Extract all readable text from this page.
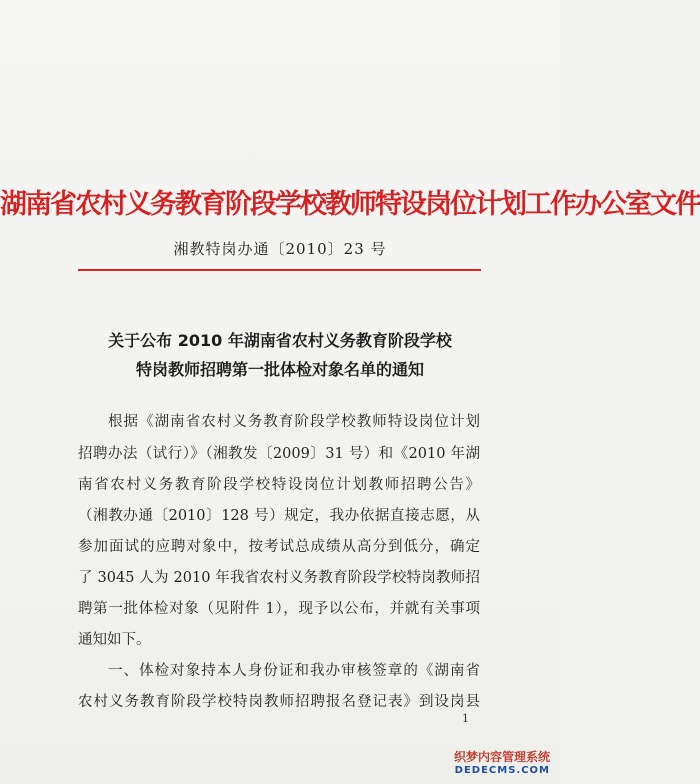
湖南省农村义务教育阶段学校教师特设岗位计划工作办公室文件
湘教特岗办通〔2010〕23 号
关于公布 2010 年湖南省农村义务教育阶段学校
特岗教师招聘第一批体检对象名单的通知
根据《湖南省农村义务教育阶段学校教师特设岗位计划
招聘办法（试行）》（湘教发〔2009〕31 号）和《2010 年湖
南省农村义务教育阶段学校特设岗位计划教师招聘公告》
（湘教办通〔2010〕128 号）规定，我办依据直接志愿，从
参加面试的应聘对象中，按考试总成绩从高分到低分，确定
了 3045 人为 2010 年我省农村义务教育阶段学校特岗教师招
聘第一批体检对象（见附件 1），现予以公布，并就有关事项
通知如下。
一、体检对象持本人身份证和我办审核签章的《湖南省
农村义务教育阶段学校特岗教师招聘报名登记表》到设岗县
1
织梦内容管理系统
DEDECMS.COM
